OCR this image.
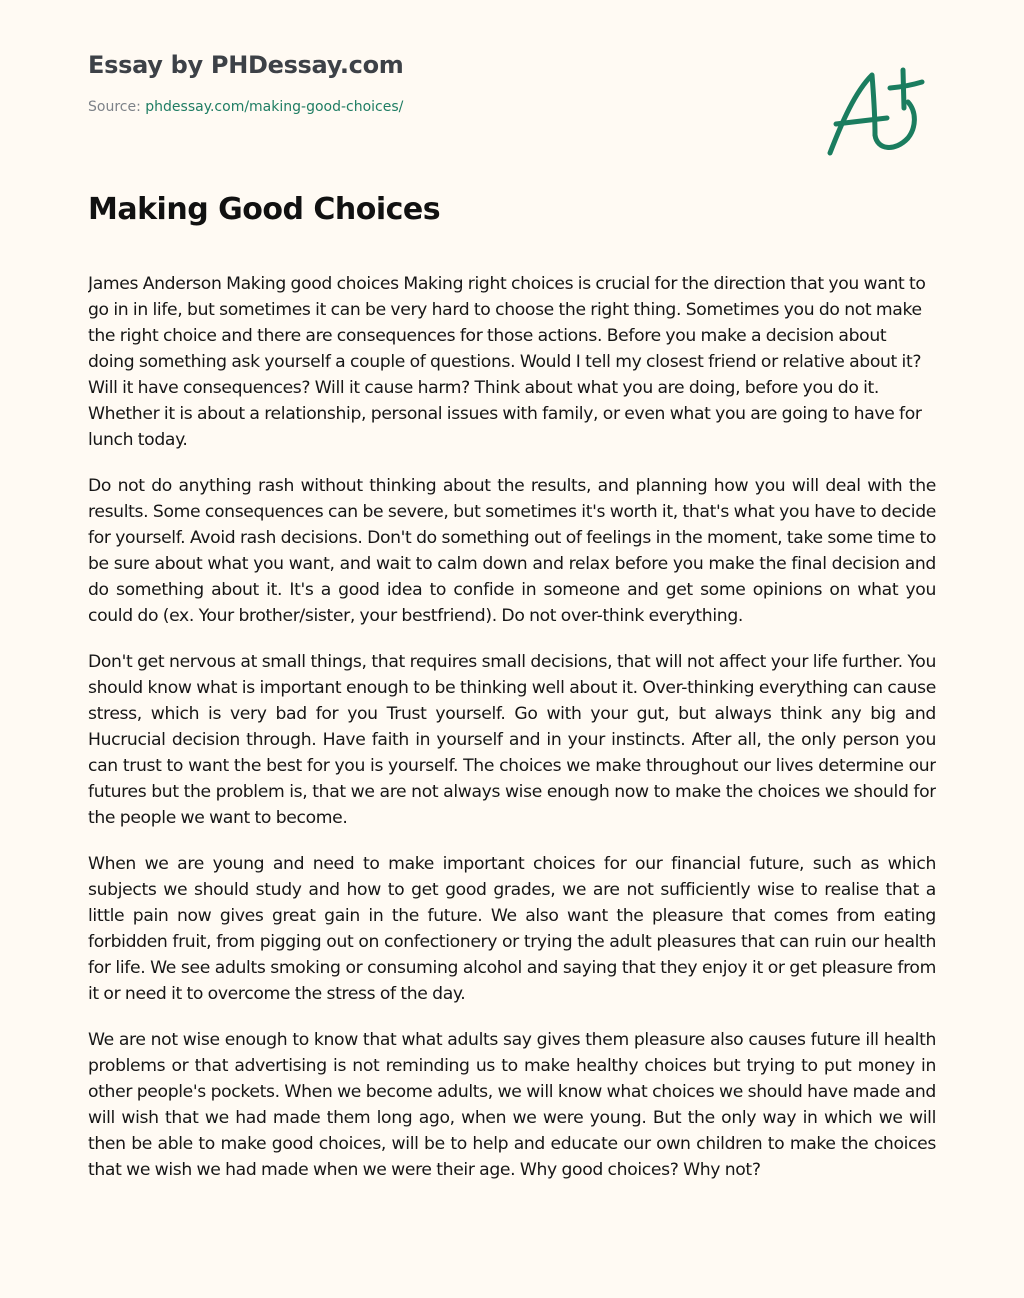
Essay by PHDessay.com
Source: phdessay.com/making-good-choices/
Making Good Choices

James Anderson Making good choices Making right choices is crucial for the direction that you want to go in in life, but sometimes it can be very hard to choose the right thing. Sometimes you do not make the right choice and there are consequences for those actions. Before you make a decision about doing something ask yourself a couple of questions. Would I tell my closest friend or relative about it? Will it have consequences? Will it cause harm? Think about what you are doing, before you do it. Whether it is about a relationship, personal issues with family, or even what you are going to have for lunch today.

Do not do anything rash without thinking about the results, and planning how you will deal with the results. Some consequences can be severe, but sometimes it's worth it, that's what you have to decide for yourself. Avoid rash decisions. Don't do something out of feelings in the moment, take some time to be sure about what you want, and wait to calm down and relax before you make the final decision and do something about it. It's a good idea to confide in someone and get some opinions on what you could do (ex. Your brother/sister, your bestfriend). Do not over-think everything.

Don't get nervous at small things, that requires small decisions, that will not affect your life further. You should know what is important enough to be thinking well about it. Over-thinking everything can cause stress, which is very bad for you Trust yourself. Go with your gut, but always think any big and Hucrucial decision through. Have faith in yourself and in your instincts. After all, the only person you can trust to want the best for you is yourself. The choices we make throughout our lives determine our futures but the problem is, that we are not always wise enough now to make the choices we should for the people we want to become.

When we are young and need to make important choices for our financial future, such as which subjects we should study and how to get good grades, we are not sufficiently wise to realise that a little pain now gives great gain in the future. We also want the pleasure that comes from eating forbidden fruit, from pigging out on confectionery or trying the adult pleasures that can ruin our health for life. We see adults smoking or consuming alcohol and saying that they enjoy it or get pleasure from it or need it to overcome the stress of the day.

We are not wise enough to know that what adults say gives them pleasure also causes future ill health problems or that advertising is not reminding us to make healthy choices but trying to put money in other people's pockets. When we become adults, we will know what choices we should have made and will wish that we had made them long ago, when we were young. But the only way in which we will then be able to make good choices, will be to help and educate our own children to make the choices that we wish we had made when we were their age. Why good choices? Why not?
